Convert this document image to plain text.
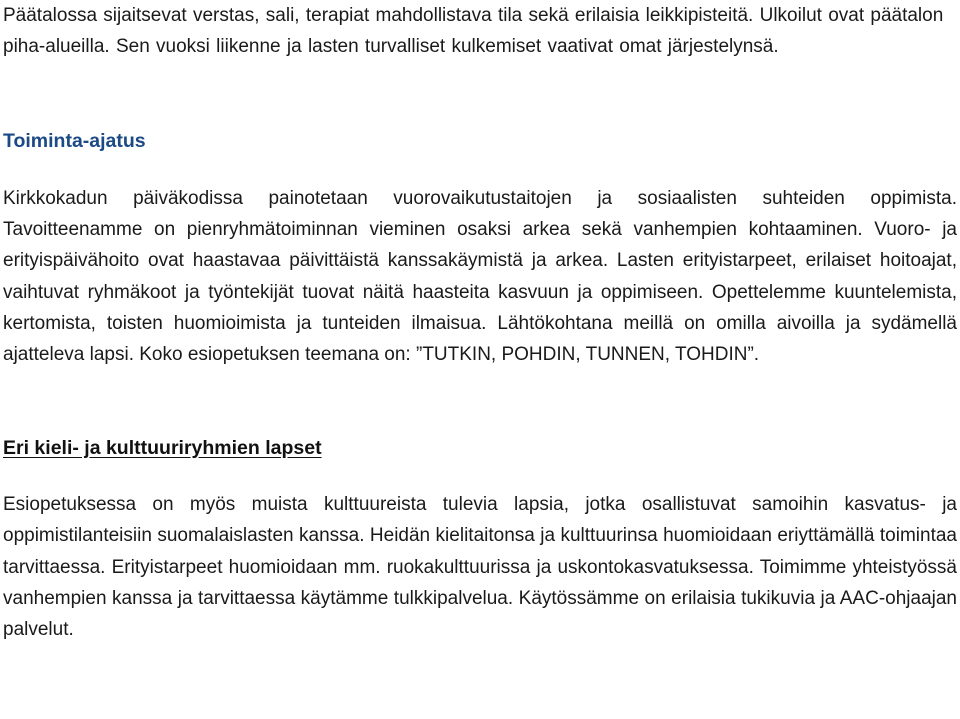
Päätalossa sijaitsevat verstas, sali, terapiat mahdollistava tila sekä erilaisia leikkipisteitä. Ulkoilut ovat päätalon piha-alueilla. Sen vuoksi liikenne ja lasten turvalliset kulkemiset vaativat omat järjestelynsä.

Toiminta-ajatus

Kirkkokadun päiväkodissa painotetaan vuorovaikutustaitojen ja sosiaalisten suhteiden oppimista. Tavoitteenamme on pienryhmätoiminnan vieminen osaksi arkea sekä vanhempien kohtaaminen. Vuoro- ja erityispäivähoito ovat haastavaa päivittäistä kanssakäymistä ja arkea. Lasten erityistarpeet, erilaiset hoitoajat, vaihtuvat ryhmäkoot ja työntekijät tuovat näitä haasteita kasvuun ja oppimiseen. Opettelemme kuuntelemista, kertomista, toisten huomioimista ja tunteiden ilmaisua. Lähtökohtana meillä on omilla aivoilla ja sydämellä ajatteleva lapsi. Koko esiopetuksen teemana on: ”TUTKIN, POHDIN, TUNNEN, TOHDIN”.

Eri kieli- ja kulttuuriryhmien lapset

Esiopetuksessa on myös muista kulttuureista tulevia lapsia, jotka osallistuvat samoihin kasvatus- ja oppimistilanteisiin suomalaislasten kanssa. Heidän kielitaitonsa ja kulttuurinsa huomioidaan eriyttämällä toimintaa tarvittaessa. Erityistarpeet huomioidaan mm. ruokakulttuurissa ja uskontokasvatuksessa. Toimimme yhteistyössä vanhempien kanssa ja tarvittaessa käytämme tulkkipalvelua. Käytössämme on erilaisia tukikuvia ja AAC-ohjaajan palvelut.
